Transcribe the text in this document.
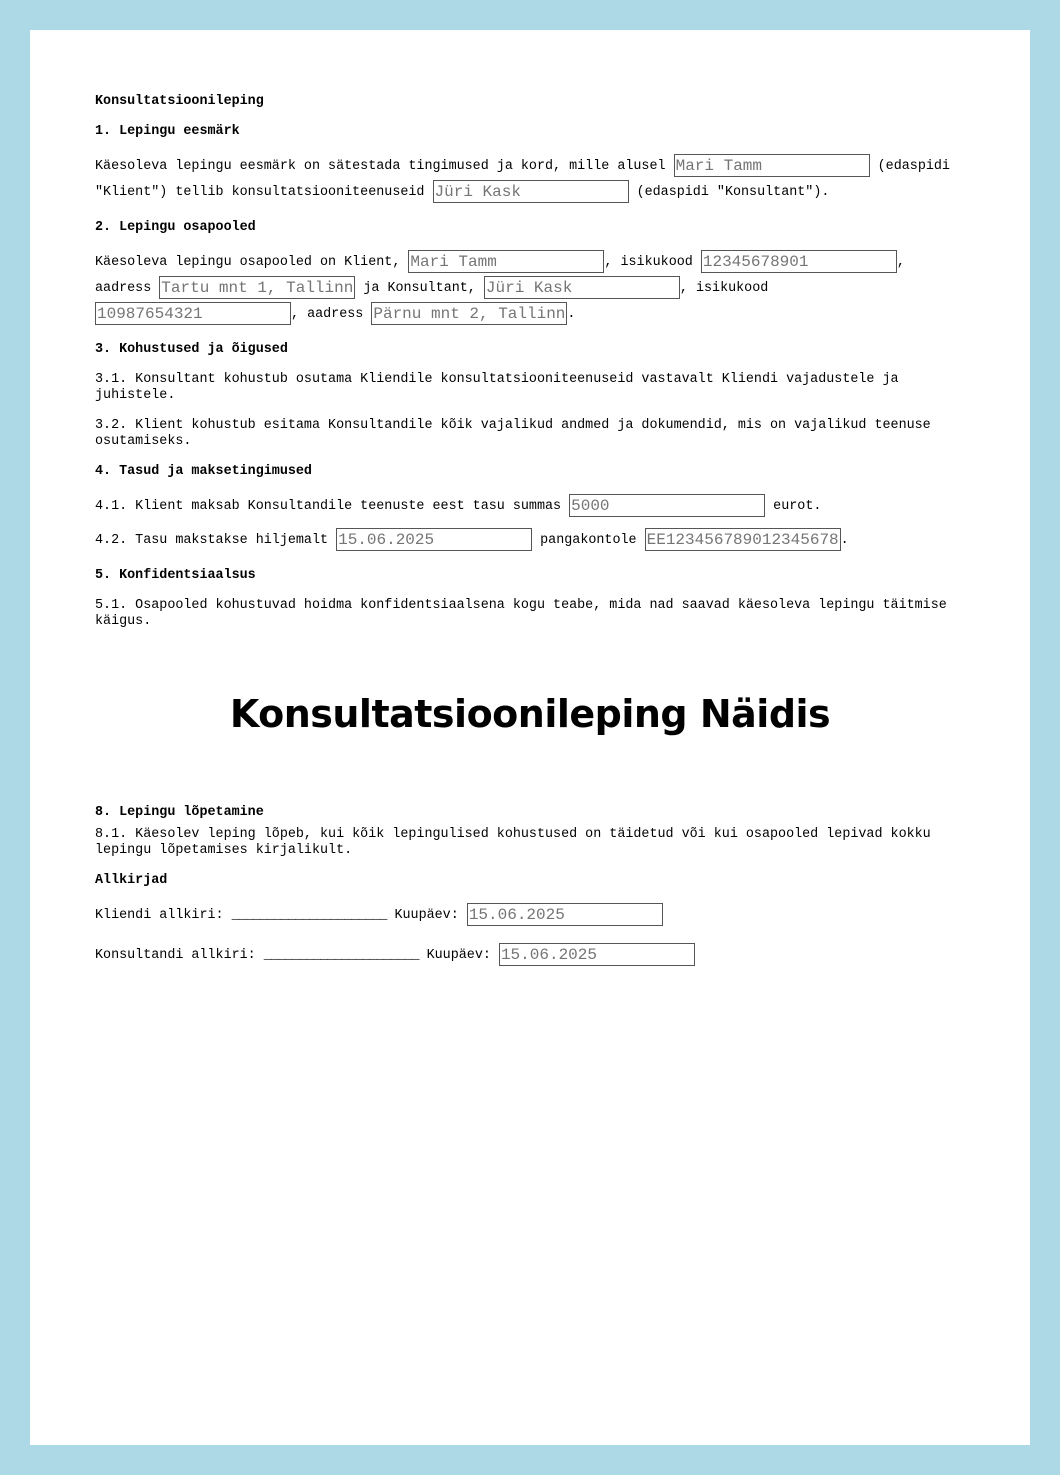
Konsultatsioonileping
1. Lepingu eesmärk

Käesoleva lepingu eesmärk on sätestada tingimused ja kord, mille alusel Mari Tamm	(edaspidi "Klient") tellib konsultatsiooniteenuseid Jüri Kask	(edaspidi "Konsultant").

2. Lepingu osapooled

Käesoleva lepingu osapooled on Klient, Mari Tamm	, isikukood 12345678901	,
aadress Tartu mnt 1, Tallinn	ja Konsultant, Jüri Kask	, isikukood
10987654321, aadress Pärnu mnt 2, Tallinn	.

3. Kohustused ja õigused

3.1. Konsultant kohustub osutama Kliendile konsultatsiooniteenuseid vastavalt Kliendi vajadustele ja juhistele.

3.2. Klient kohustub esitama Konsultandile kõik vajalikud andmed ja dokumendid, mis on vajalikud teenuse osutamiseks.

4. Tasud ja maksetingimused

4.1. Klient maksab Konsultandile teenuste eest tasu summas 5000	eurot.

4.2. Tasu makstakse hiljemalt 15.06.2025	pangakontole EE123456789012345678	.

5. Konfidentsiaalsus

5.1. Osapooled kohustuvad hoidma konfidentsiaalsena kogu teabe, mida nad saavad käesoleva lepingu täitmise käigus.

8. Lepingu lõpetamine

8.1. Käesolev leping lõpeb, kui kõik lepingulised kohustused on täidetud või kui osapooled lepivad kokku lepingu lõpetamises kirjalikult.

Allkirjad

Kliendi allkiri: ______________________ Kuupäev: 15.06.2025

Konsultandi allkiri: ______________________ Kuupäev: 15.06.2025

Konsultatsioonileping Näidis
